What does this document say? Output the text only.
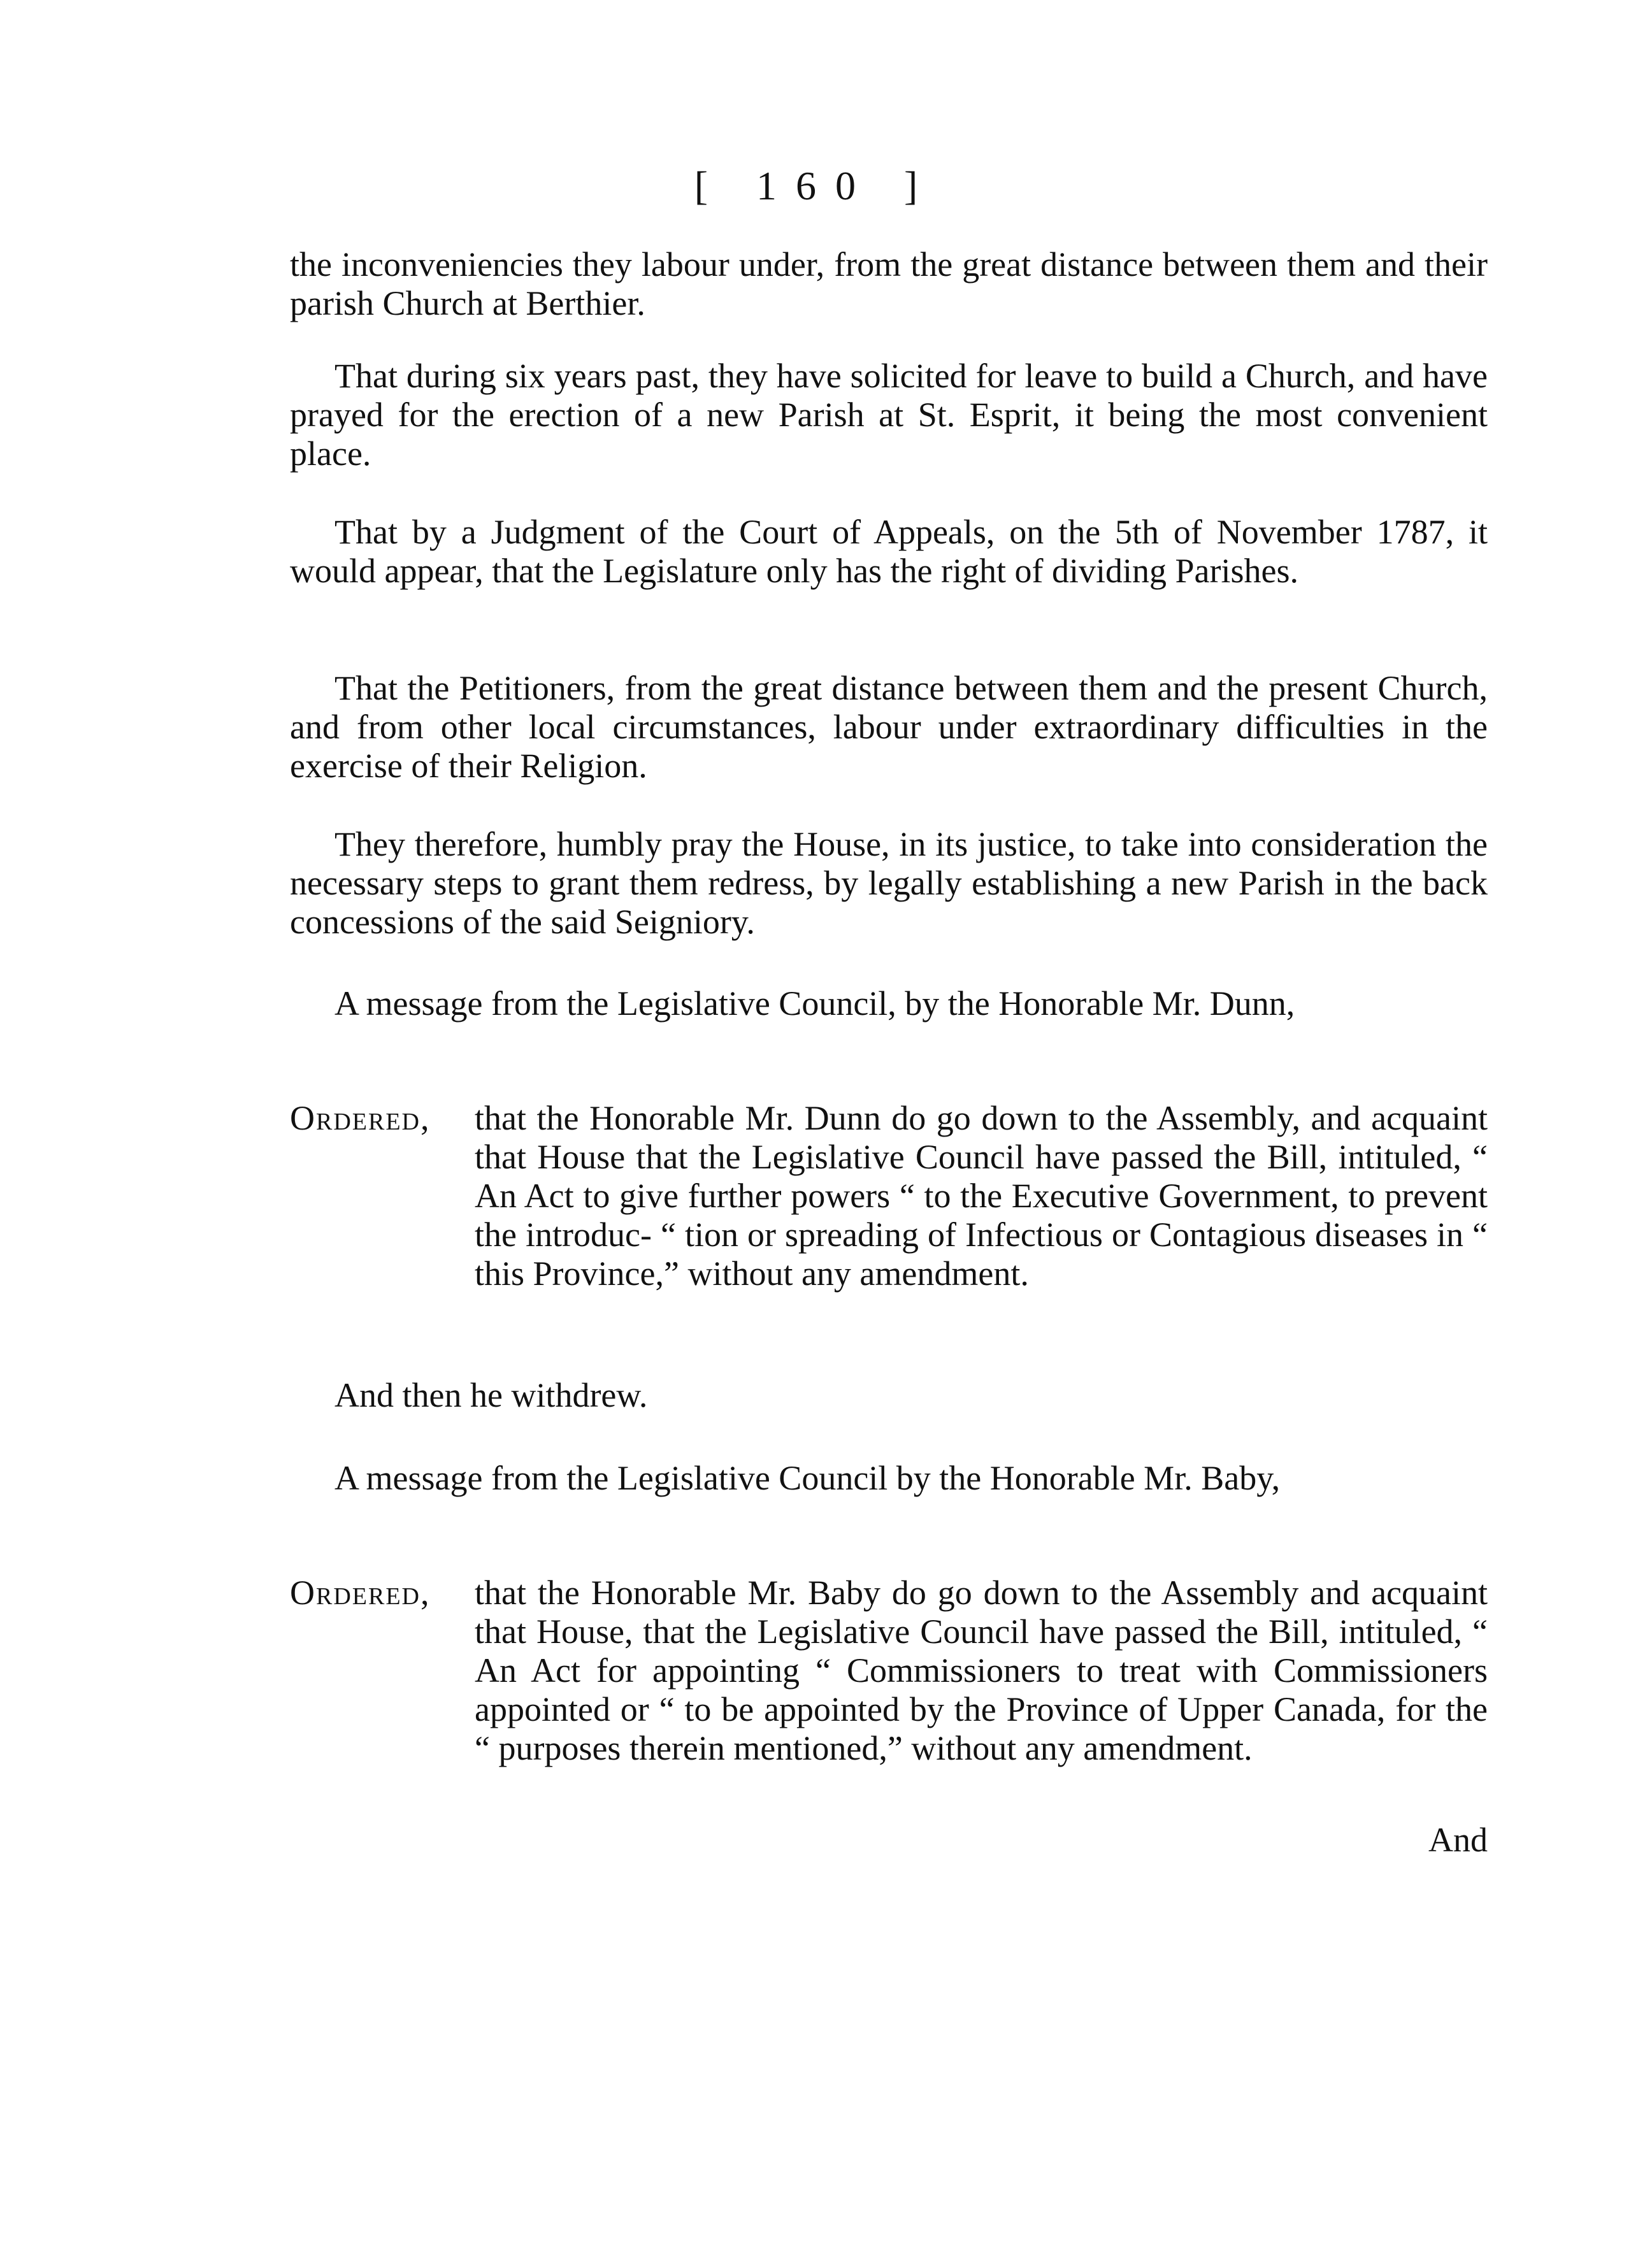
[ 160 ]

the inconveniencies they labour under, from the great distance between them and their parish Church at Berthier.

That during six years past, they have solicited for leave to build a Church, and have prayed for the erection of a new Parish at St. Esprit, it being the most convenient place.

That by a Judgment of the Court of Appeals, on the 5th of November 1787, it would appear, that the Legislature only has the right of dividing Parishes.

That the Petitioners, from the great distance between them and the present Church, and from other local circumstances, labour under extraordinary difficulties in the exercise of their Religion.

They therefore, humbly pray the House, in its justice, to take into consideration the necessary steps to grant them redress, by legally establishing a new Parish in the back concessions of the said Seigniory.

A message from the Legislative Council, by the Honorable Mr. Dunn,

Ordered, that the Honorable Mr. Dunn do go down to the Assembly, and acquaint that House that the Legislative Council have passed the Bill, intituled, “ An Act to give further powers “ to the Executive Government, to prevent the introduc- “ tion or spreading of Infectious or Contagious diseases in “ this Province,” without any amendment.

And then he withdrew.

A message from the Legislative Council by the Honorable Mr. Baby,

Ordered, that the Honorable Mr. Baby do go down to the Assembly and acquaint that House, that the Legislative Council have passed the Bill, intituled, “ An Act for appointing “ Commissioners to treat with Commissioners appointed or “ to be appointed by the Province of Upper Canada, for the “ purposes therein mentioned,” without any amendment.

And
